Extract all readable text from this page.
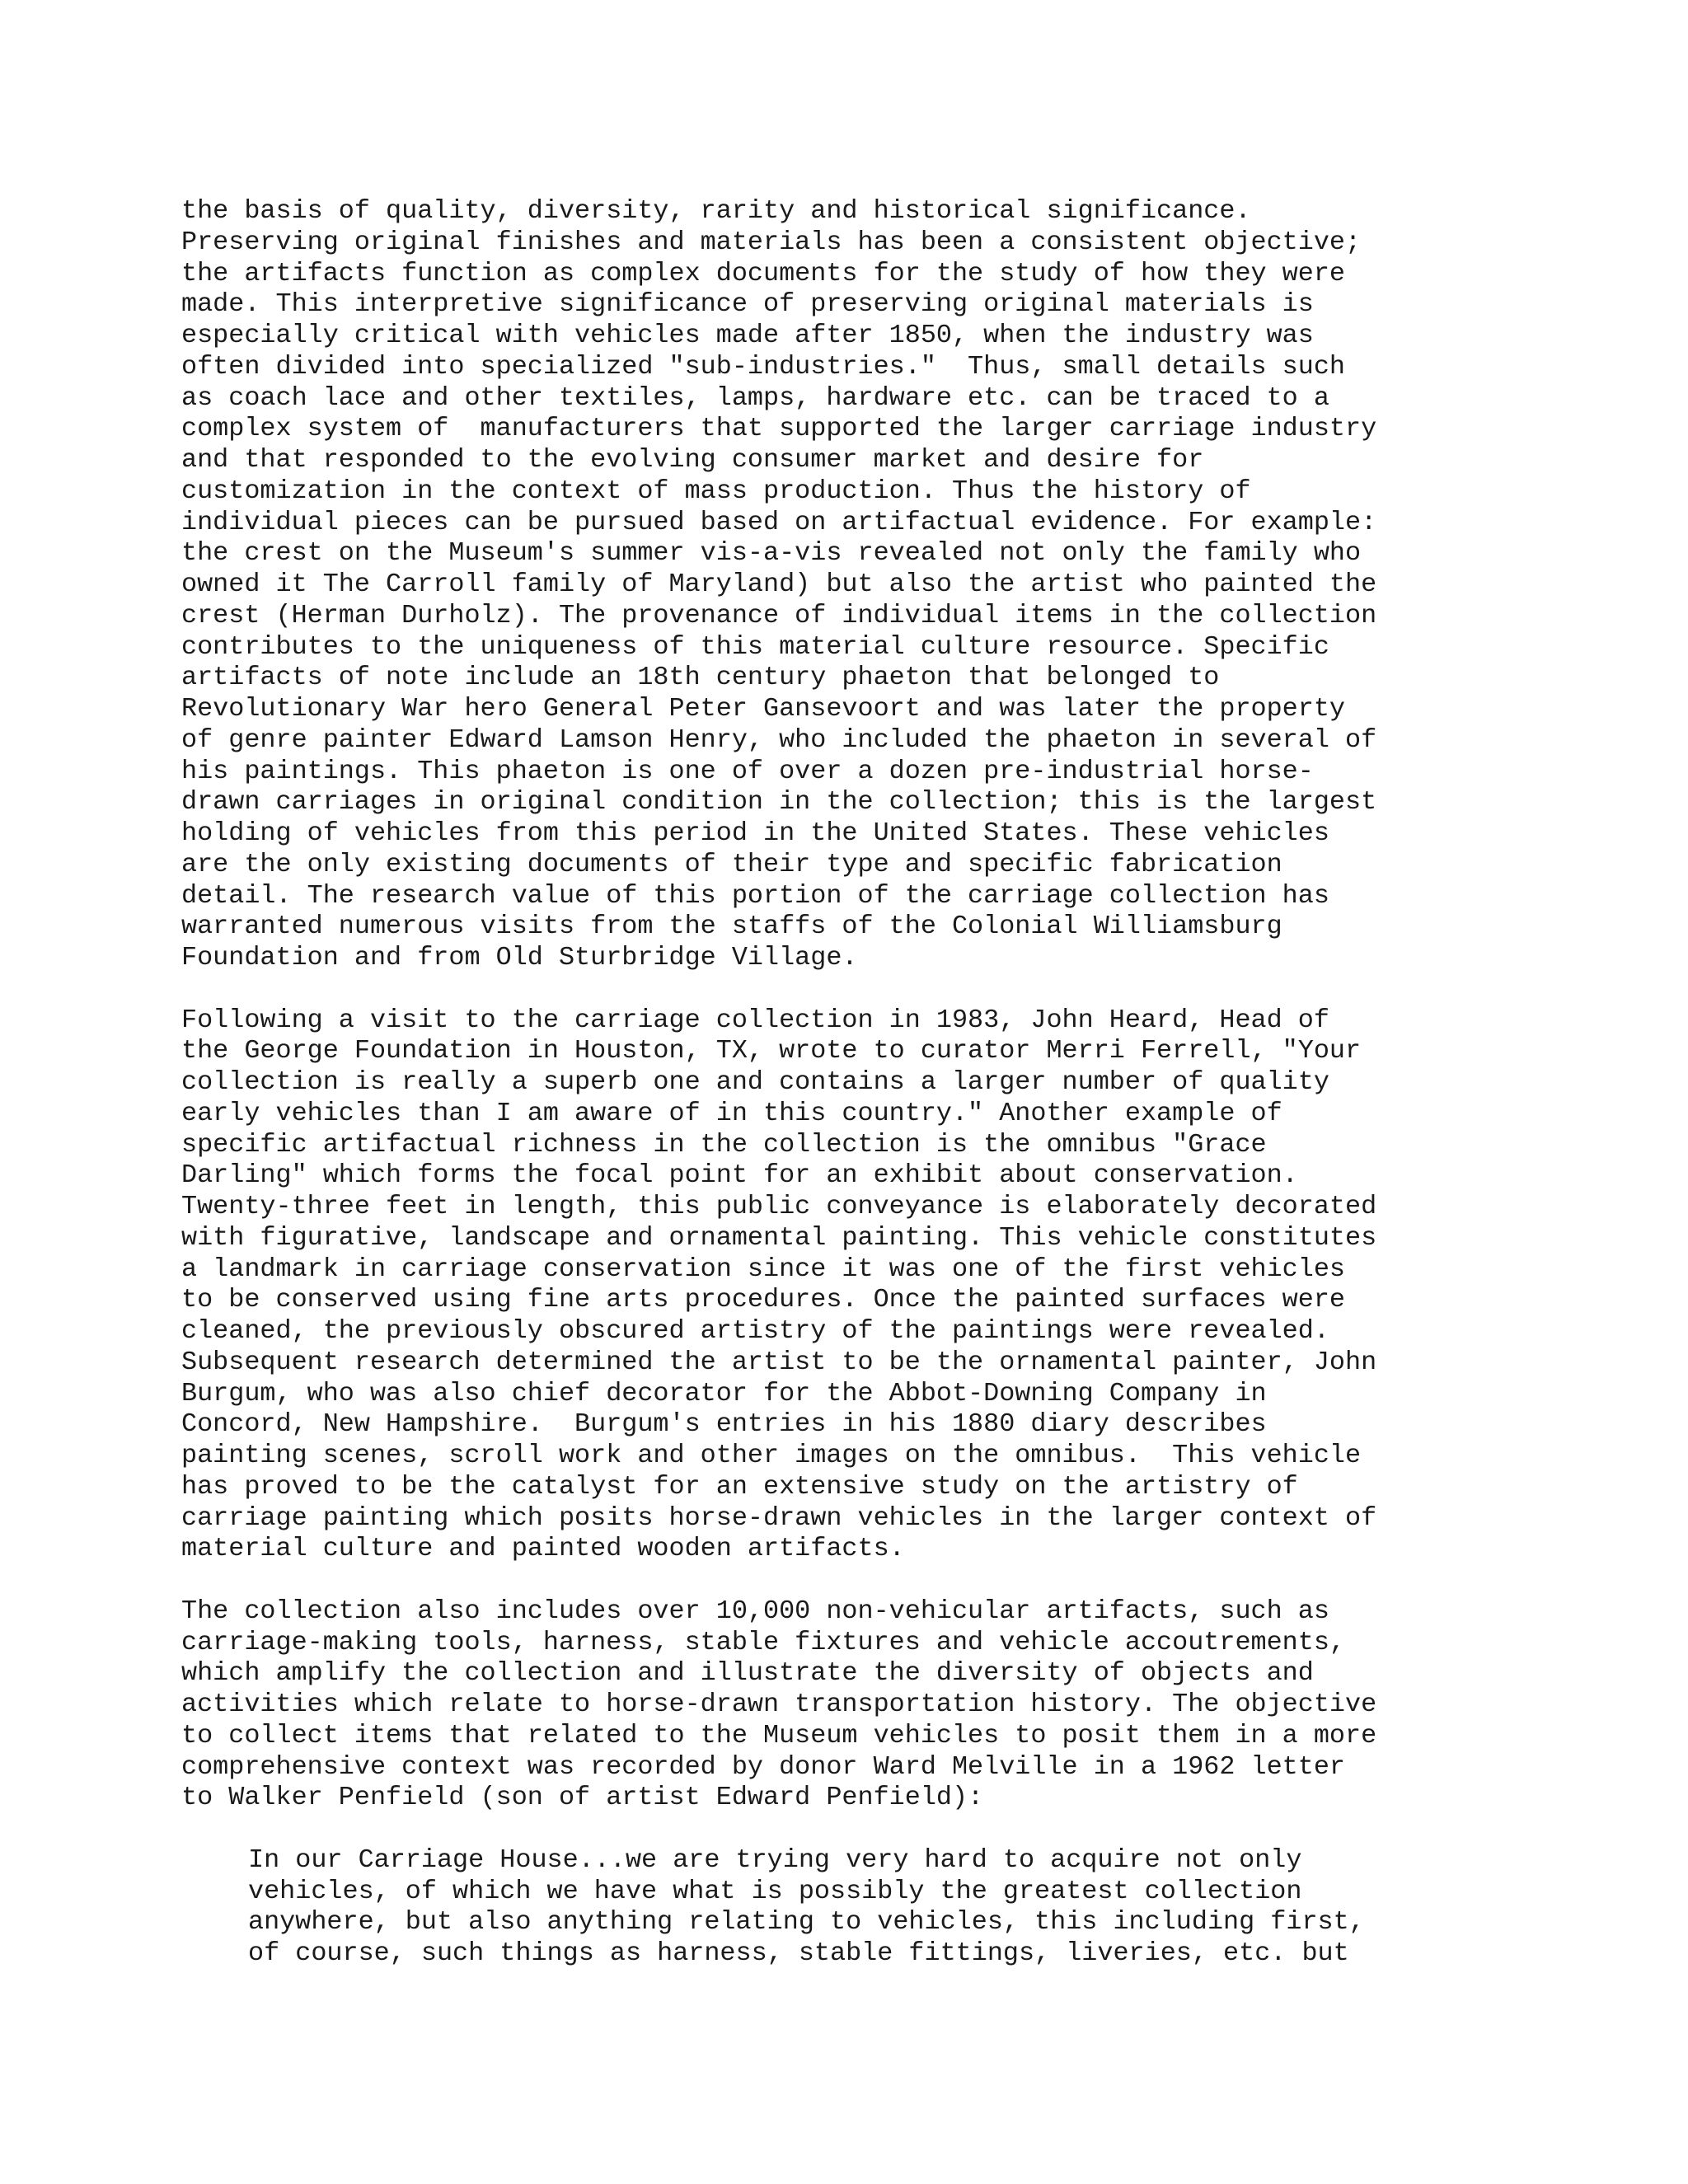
the basis of quality, diversity, rarity and historical significance.
Preserving original finishes and materials has been a consistent objective;
the artifacts function as complex documents for the study of how they were
made. This interpretive significance of preserving original materials is
especially critical with vehicles made after 1850, when the industry was
often divided into specialized "sub-industries."  Thus, small details such
as coach lace and other textiles, lamps, hardware etc. can be traced to a
complex system of  manufacturers that supported the larger carriage industry
and that responded to the evolving consumer market and desire for
customization in the context of mass production. Thus the history of
individual pieces can be pursued based on artifactual evidence. For example:
the crest on the Museum's summer vis-a-vis revealed not only the family who
owned it The Carroll family of Maryland) but also the artist who painted the
crest (Herman Durholz). The provenance of individual items in the collection
contributes to the uniqueness of this material culture resource. Specific
artifacts of note include an 18th century phaeton that belonged to
Revolutionary War hero General Peter Gansevoort and was later the property
of genre painter Edward Lamson Henry, who included the phaeton in several of
his paintings. This phaeton is one of over a dozen pre-industrial horse-
drawn carriages in original condition in the collection; this is the largest
holding of vehicles from this period in the United States. These vehicles
are the only existing documents of their type and specific fabrication
detail. The research value of this portion of the carriage collection has
warranted numerous visits from the staffs of the Colonial Williamsburg
Foundation and from Old Sturbridge Village.

Following a visit to the carriage collection in 1983, John Heard, Head of
the George Foundation in Houston, TX, wrote to curator Merri Ferrell, "Your
collection is really a superb one and contains a larger number of quality
early vehicles than I am aware of in this country." Another example of
specific artifactual richness in the collection is the omnibus "Grace
Darling" which forms the focal point for an exhibit about conservation.
Twenty-three feet in length, this public conveyance is elaborately decorated
with figurative, landscape and ornamental painting. This vehicle constitutes
a landmark in carriage conservation since it was one of the first vehicles
to be conserved using fine arts procedures. Once the painted surfaces were
cleaned, the previously obscured artistry of the paintings were revealed.
Subsequent research determined the artist to be the ornamental painter, John
Burgum, who was also chief decorator for the Abbot-Downing Company in
Concord, New Hampshire.  Burgum's entries in his 1880 diary describes
painting scenes, scroll work and other images on the omnibus.  This vehicle
has proved to be the catalyst for an extensive study on the artistry of
carriage painting which posits horse-drawn vehicles in the larger context of
material culture and painted wooden artifacts.

The collection also includes over 10,000 non-vehicular artifacts, such as
carriage-making tools, harness, stable fixtures and vehicle accoutrements,
which amplify the collection and illustrate the diversity of objects and
activities which relate to horse-drawn transportation history. The objective
to collect items that related to the Museum vehicles to posit them in a more
comprehensive context was recorded by donor Ward Melville in a 1962 letter
to Walker Penfield (son of artist Edward Penfield):

In our Carriage House...we are trying very hard to acquire not only
vehicles, of which we have what is possibly the greatest collection
anywhere, but also anything relating to vehicles, this including first,
of course, such things as harness, stable fittings, liveries, etc. but
